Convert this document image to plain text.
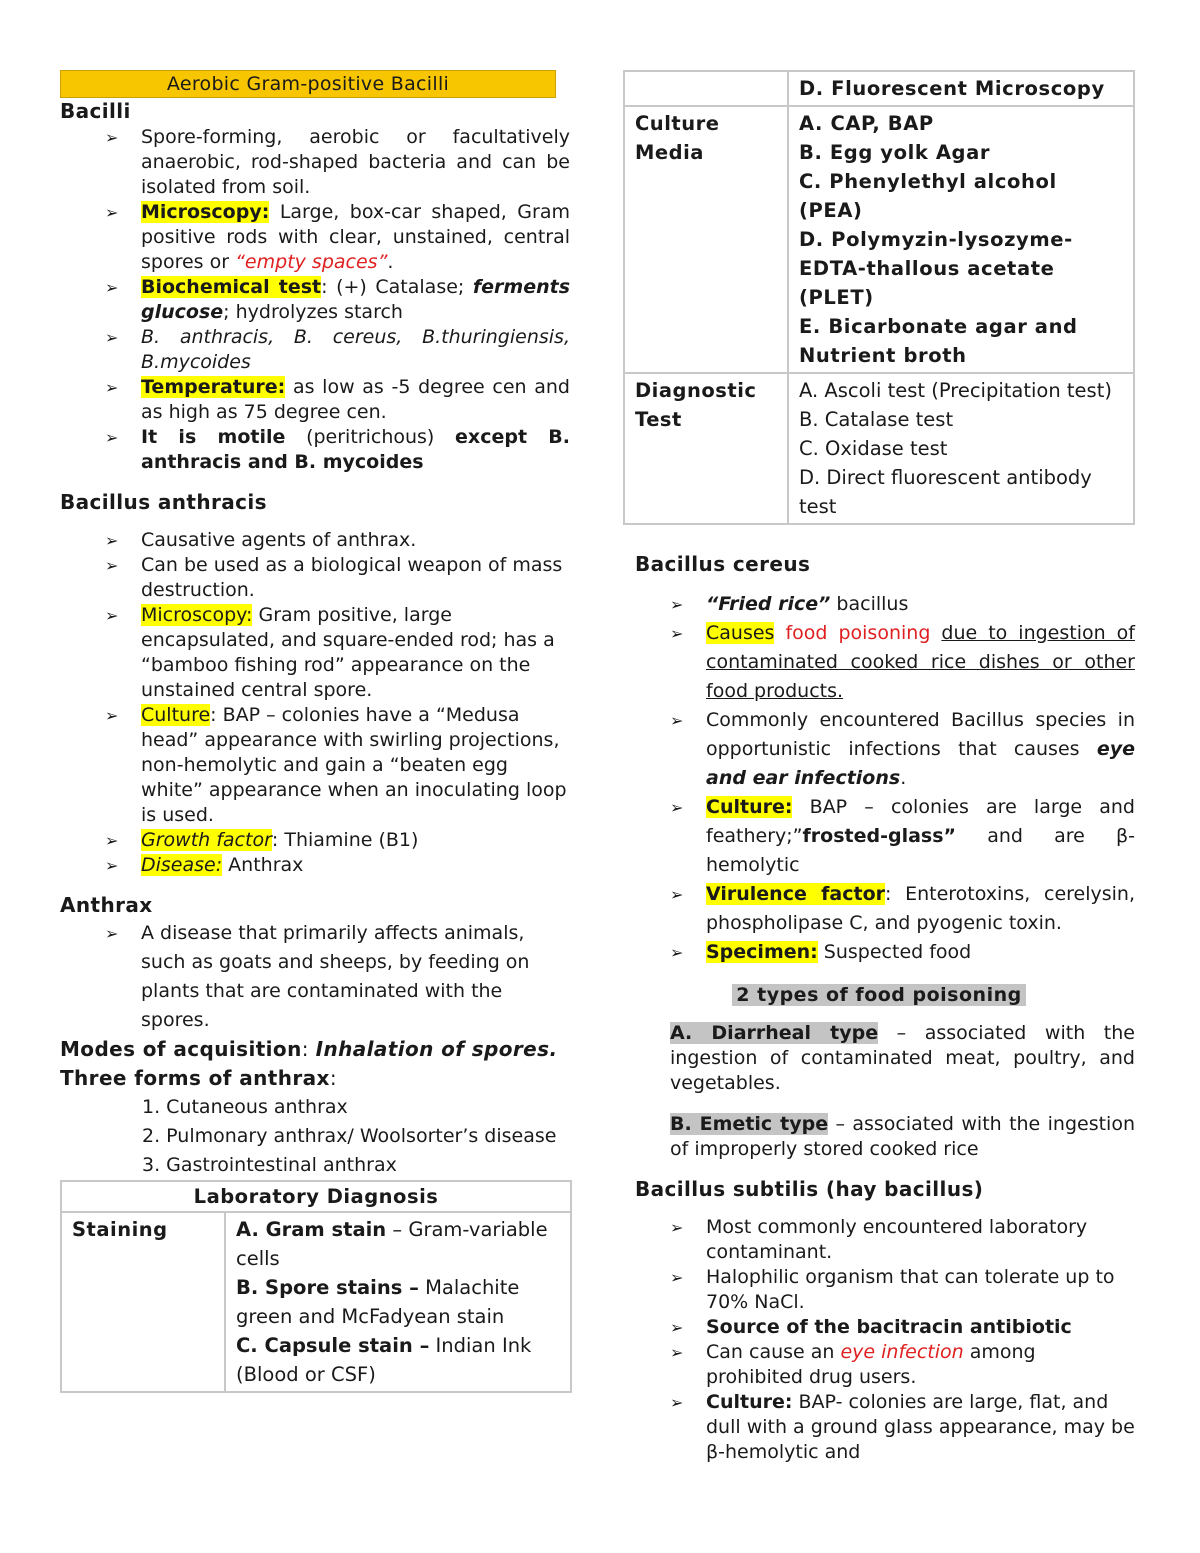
Aerobic Gram-positive Bacilli

Bacilli

➢ Spore-forming, aerobic or facultatively anaerobic, rod-shaped bacteria and can be isolated from soil.
➢ Microscopy: Large, box-car shaped, Gram positive rods with clear, unstained, central spores or “empty spaces”.
➢ Biochemical test: (+) Catalase; ferments glucose; hydrolyzes starch
➢ B. anthracis, B. cereus, B.thuringiensis, B.mycoides
➢ Temperature: as low as -5 degree cen and as high as 75 degree cen.
➢ It is motile (peritrichous) except B. anthracis and B. mycoides

Bacillus anthracis

➢ Causative agents of anthrax.
➢ Can be used as a biological weapon of mass destruction.
➢ Microscopy: Gram positive, large encapsulated, and square-ended rod; has a “bamboo fishing rod” appearance on the unstained central spore.
➢ Culture: BAP – colonies have a “Medusa head” appearance with swirling projections, non-hemolytic and gain a “beaten egg white” appearance when an inoculating loop is used.
➢ Growth factor: Thiamine (B1)
➢ Disease: Anthrax

Anthrax

➢ A disease that primarily affects animals, such as goats and sheeps, by feeding on plants that are contaminated with the spores.

Modes of acquisition: Inhalation of spores.

Three forms of anthrax:

1. Cutaneous anthrax
2. Pulmonary anthrax/ Woolsorter’s disease
3. Gastrointestinal anthrax
Laboratory Diagnosis
Staining	A. Gram stain – Gram-variable cells
B. Spore stains – Malachite green and McFadyean stain
C. Capsule stain – Indian Ink (Blood or CSF)
	D. Fluorescent Microscopy
Culture Media	A. CAP, BAP
B. Egg yolk Agar
C. Phenylethyl alcohol (PEA)
D. Polymyzin-lysozyme-EDTA-thallous acetate (PLET)
E. Bicarbonate agar and Nutrient broth

Diagnostic Test	A. Ascoli test (Precipitation test)
B. Catalase test
C. Oxidase test
D. Direct fluorescent antibody test

Bacillus cereus

➢ “Fried rice” bacillus
➢ Causes food poisoning due to ingestion of contaminated cooked rice dishes or other food products.
➢ Commonly encountered Bacillus species in opportunistic infections that causes eye and ear infections.
➢ Culture: BAP – colonies are large and feathery;”frosted-glass” and are β-hemolytic
➢ Virulence factor: Enterotoxins, cerelysin, phospholipase C, and pyogenic toxin.
➢ Specimen: Suspected food
2 types of food poisoning

A. Diarrheal type – associated with the ingestion of contaminated meat, poultry, and vegetables.

B. Emetic type – associated with the ingestion of improperly stored cooked rice

Bacillus subtilis (hay bacillus)

➢ Most commonly encountered laboratory contaminant.
➢ Halophilic organism that can tolerate up to 70% NaCl.
➢ Source of the bacitracin antibiotic
➢ Can cause an eye infection among prohibited drug users.
➢ Culture: BAP- colonies are large, flat, and dull with a ground glass appearance, may be β-hemolytic and
